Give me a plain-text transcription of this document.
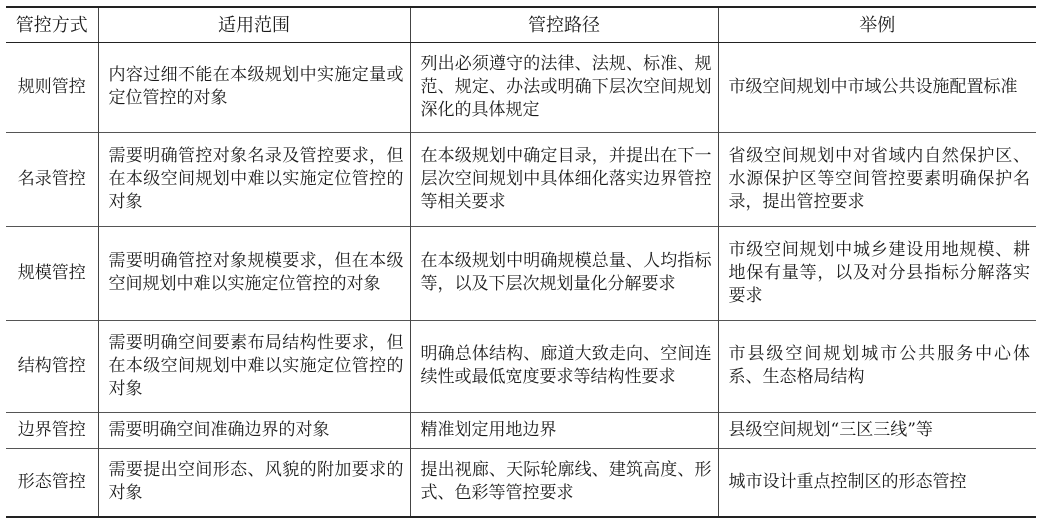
管控方式	适用范围	管控路径	举例
规则管控	内容过细不能在本级规划中实施定量或定位管控的对象	列出必须遵守的法律、法规、标准、规范、规定、办法或明确下层次空间规划深化的具体规定	市级空间规划中市域公共设施配置标准
名录管控	需要明确管控对象名录及管控要求，但在本级空间规划中难以实施定位管控的对象	在本级规划中确定目录，并提出在下一层次空间规划中具体细化落实边界管控等相关要求	省级空间规划中对省域内自然保护区、水源保护区等空间管控要素明确保护名录，提出管控要求
规模管控	需要明确管控对象规模要求，但在本级空间规划中难以实施定位管控的对象	在本级规划中明确规模总量、人均指标等，以及下层次规划量化分解要求	市级空间规划中城乡建设用地规模、耕地保有量等，以及对分县指标分解落实要求
结构管控	需要明确空间要素布局结构性要求，但在本级空间规划中难以实施定位管控的对象	明确总体结构、廊道大致走向、空间连续性或最低宽度要求等结构性要求	市县级空间规划城市公共服务中心体系、生态格局结构
边界管控	需要明确空间准确边界的对象	精准划定用地边界	县级空间规划“三区三线”等
形态管控	需要提出空间形态、风貌的附加要求的对象	提出视廊、天际轮廓线、建筑高度、形式、色彩等管控要求	城市设计重点控制区的形态管控
